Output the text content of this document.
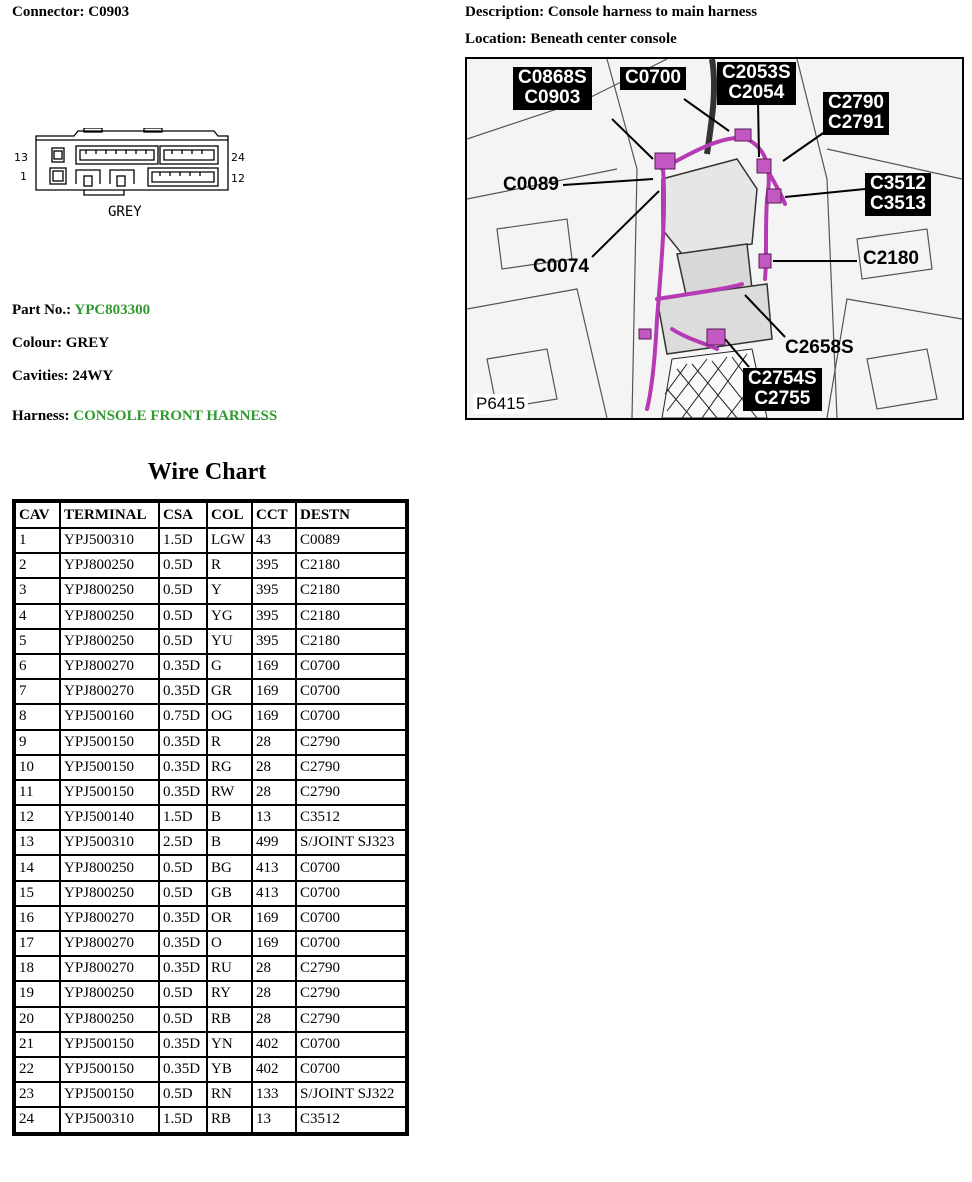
Connector: C0903	Description: Console harness to main harness
Location: Beneath center console
13
1
24
12
GREY
Part No.: YPC803300
Colour: GREY
Cavities: 24WY
Harness: CONSOLE FRONT HARNESS
C0868S
C0903
C0700 C2053S
C2054	C2790
C2791
C0089	C3512
C3513
C2180
C0074
C2658S
C2754S
C2755
P6415
Wire Chart
CAV	TERMINAL	CSA	COL	CCT	DESTN
1	YPJ500310	1.5D	LGW	43	C0089
2	YPJ800250	0.5D	R	395	C2180
3	YPJ800250	0.5D	Y	395	C2180
4	YPJ800250	0.5D	YG	395	C2180
5	YPJ800250	0.5D	YU	395	C2180
6	YPJ800270	0.35D	G	169	C0700
7	YPJ800270	0.35D	GR	169	C0700
8	YPJ500160	0.75D	OG	169	C0700
9	YPJ500150	0.35D	R	28	C2790
10	YPJ500150	0.35D	RG	28	C2790
11	YPJ500150	0.35D	RW	28	C2790
12	YPJ500140	1.5D	B	13	C3512
13	YPJ500310	2.5D	B	499	S/JOINT SJ323
14	YPJ800250	0.5D	BG	413	C0700
15	YPJ800250	0.5D	GB	413	C0700
16	YPJ800270	0.35D	OR	169	C0700
17	YPJ800270	0.35D	O	169	C0700
18	YPJ800270	0.35D	RU	28	C2790
19	YPJ800250	0.5D	RY	28	C2790
20	YPJ800250	0.5D	RB	28	C2790
21	YPJ500150	0.35D	YN	402	C0700
22	YPJ500150	0.35D	YB	402	C0700
23	YPJ500150	0.5D	RN	133	S/JOINT SJ322
24	YPJ500310	1.5D	RB	13	C3512
